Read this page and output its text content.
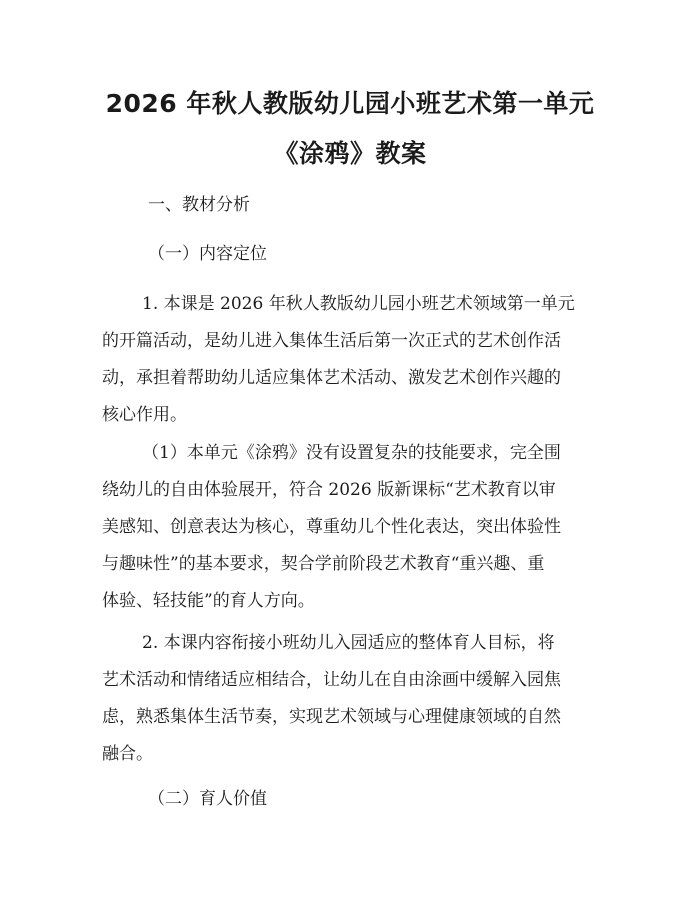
2026 年秋人教版幼儿园小班艺术第一单元
《涂鸦》教案

一、教材分析

（一）内容定位

1. 本课是 2026 年秋人教版幼儿园小班艺术领域第一单元
的开篇活动，是幼儿进入集体生活后第一次正式的艺术创作活
动，承担着帮助幼儿适应集体艺术活动、激发艺术创作兴趣的
核心作用。
（1）本单元《涂鸦》没有设置复杂的技能要求，完全围
绕幼儿的自由体验展开，符合 2026 版新课标“艺术教育以审
美感知、创意表达为核心，尊重幼儿个性化表达，突出体验性
与趣味性”的基本要求，契合学前阶段艺术教育“重兴趣、重
体验、轻技能”的育人方向。
2. 本课内容衔接小班幼儿入园适应的整体育人目标，将
艺术活动和情绪适应相结合，让幼儿在自由涂画中缓解入园焦
虑，熟悉集体生活节奏，实现艺术领域与心理健康领域的自然
融合。

（二）育人价值
